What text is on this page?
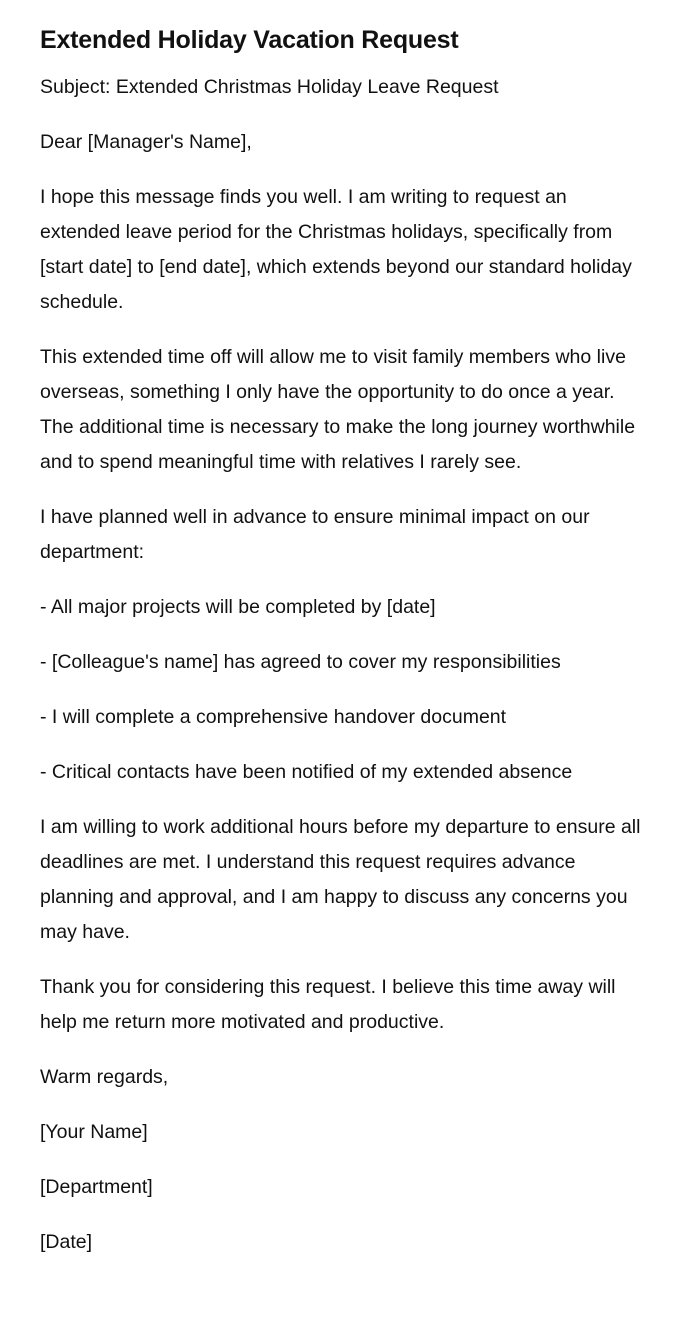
Extended Holiday Vacation Request

Subject: Extended Christmas Holiday Leave Request

Dear [Manager's Name],

I hope this message finds you well. I am writing to request an extended leave period for the Christmas holidays, specifically from [start date] to [end date], which extends beyond our standard holiday schedule.

This extended time off will allow me to visit family members who live overseas, something I only have the opportunity to do once a year. The additional time is necessary to make the long journey worthwhile and to spend meaningful time with relatives I rarely see.

I have planned well in advance to ensure minimal impact on our department:

- All major projects will be completed by [date]

- [Colleague's name] has agreed to cover my responsibilities

- I will complete a comprehensive handover document

- Critical contacts have been notified of my extended absence

I am willing to work additional hours before my departure to ensure all deadlines are met. I understand this request requires advance planning and approval, and I am happy to discuss any concerns you may have.

Thank you for considering this request. I believe this time away will help me return more motivated and productive.

Warm regards,

[Your Name]

[Department]

[Date]
